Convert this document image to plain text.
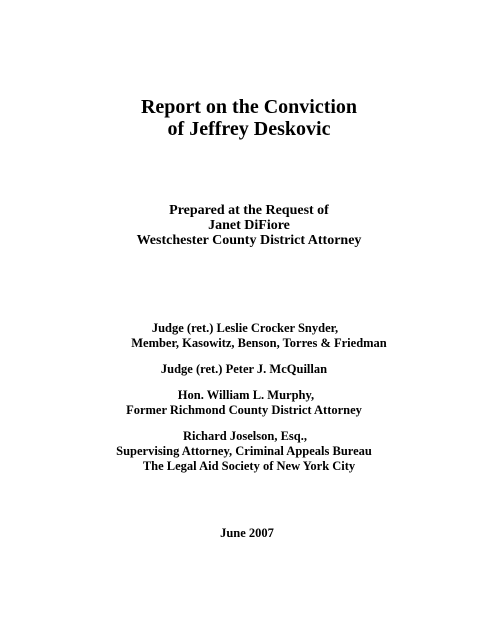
Report on the Conviction
of Jeffrey Deskovic
Prepared at the Request of
Janet DiFiore
Westchester County District Attorney
Judge (ret.) Leslie Crocker Snyder,
Member, Kasowitz, Benson, Torres & Friedman
Judge (ret.) Peter J. McQuillan
Hon. William L. Murphy,
Former Richmond County District Attorney
Richard Joselson, Esq.,
Supervising Attorney, Criminal Appeals Bureau
The Legal Aid Society of New York City
June 2007
